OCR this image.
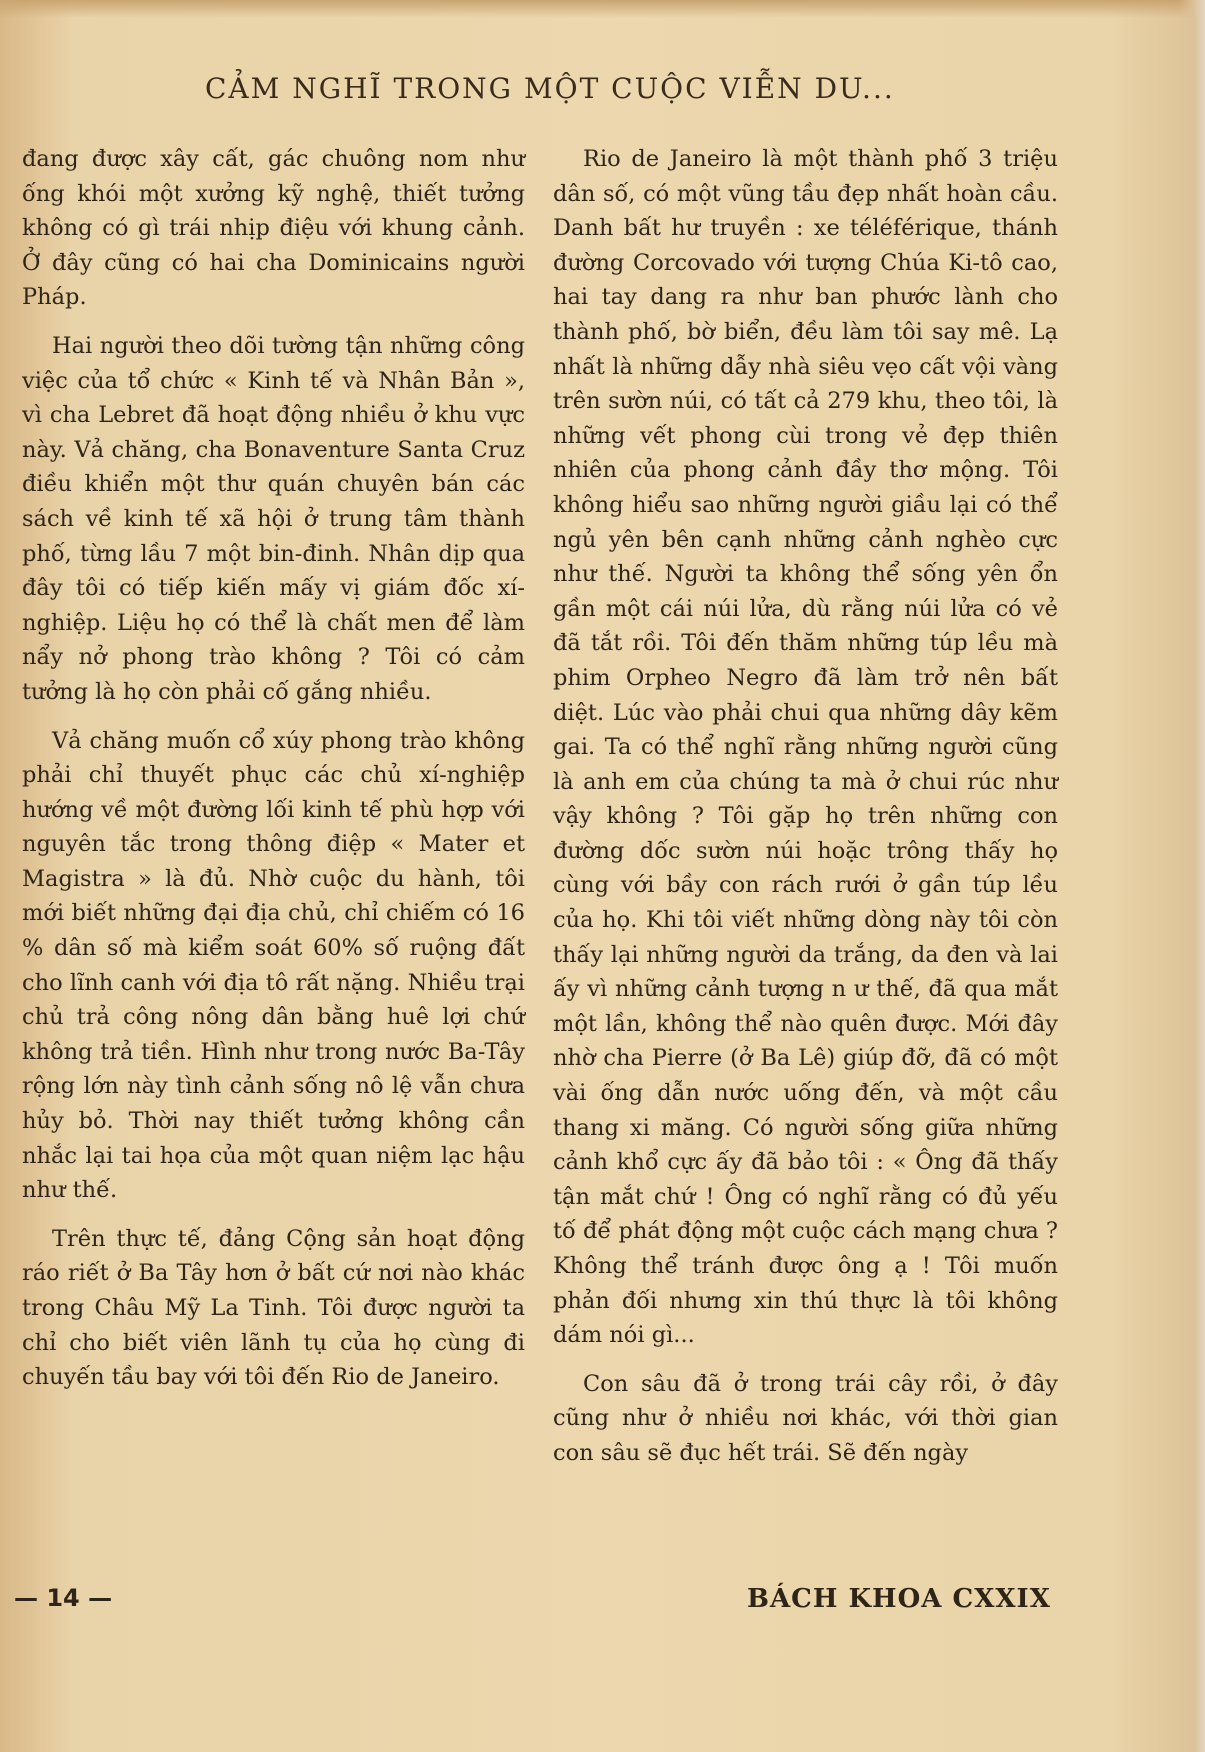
CẢM NGHĨ TRONG MỘT CUỘC VIỄN DU...

đang được xây cất, gác chuông nom như ống khói một xưởng kỹ nghệ, thiết tưởng không có gì trái nhịp điệu với khung cảnh. Ở đây cũng có hai cha Dominicains người Pháp.

Hai người theo dõi tường tận những công việc của tổ chức « Kinh tế và Nhân Bản », vì cha Lebret đã hoạt động nhiều ở khu vực này. Vả chăng, cha Bonaventure Santa Cruz điều khiển một thư quán chuyên bán các sách về kinh tế xã hội ở trung tâm thành phố, từng lầu 7 một bin-đinh. Nhân dịp qua đây tôi có tiếp kiến mấy vị giám đốc xí-nghiệp. Liệu họ có thể là chất men để làm nẩy nở phong trào không ? Tôi có cảm tưởng là họ còn phải cố gắng nhiều.

Vả chăng muốn cổ xúy phong trào không phải chỉ thuyết phục các chủ xí-nghiệp hướng về một đường lối kinh tế phù hợp với nguyên tắc trong thông điệp « Mater et Magistra » là đủ. Nhờ cuộc du hành, tôi mới biết những đại địa chủ, chỉ chiếm có 16 % dân số mà kiểm soát 60% số ruộng đất cho lĩnh canh với địa tô rất nặng. Nhiều trại chủ trả công nông dân bằng huê lợi chứ không trả tiền. Hình như trong nước Ba-Tây rộng lớn này tình cảnh sống nô lệ vẫn chưa hủy bỏ. Thời nay thiết tưởng không cần nhắc lại tai họa của một quan niệm lạc hậu như thế.

Trên thực tế, đảng Cộng sản hoạt động ráo riết ở Ba Tây hơn ở bất cứ nơi nào khác trong Châu Mỹ La Tinh. Tôi được người ta chỉ cho biết viên lãnh tụ của họ cùng đi chuyến tầu bay với tôi đến Rio de Janeiro.

Rio de Janeiro là một thành phố 3 triệu dân số, có một vũng tầu đẹp nhất hoàn cầu. Danh bất hư truyền : xe téléférique, thánh đường Corcovado với tượng Chúa Ki-tô cao, hai tay dang ra như ban phước lành cho thành phố, bờ biển, đều làm tôi say mê. Lạ nhất là những dẫy nhà siêu vẹo cất vội vàng trên sườn núi, có tất cả 279 khu, theo tôi, là những vết phong cùi trong vẻ đẹp thiên nhiên của phong cảnh đầy thơ mộng. Tôi không hiểu sao những người giầu lại có thể ngủ yên bên cạnh những cảnh nghèo cực như thế. Người ta không thể sống yên ổn gần một cái núi lửa, dù rằng núi lửa có vẻ đã tắt rồi. Tôi đến thăm những túp lều mà phim Orpheo Negro đã làm trở nên bất diệt. Lúc vào phải chui qua những dây kẽm gai. Ta có thể nghĩ rằng những người cũng là anh em của chúng ta mà ở chui rúc như vậy không ? Tôi gặp họ trên những con đường dốc sườn núi hoặc trông thấy họ cùng với bầy con rách rưới ở gần túp lều của họ. Khi tôi viết những dòng này tôi còn thấy lại những người da trắng, da đen và lai ấy vì những cảnh tượng n ư thế, đã qua mắt một lần, không thể nào quên được. Mới đây nhờ cha Pierre (ở Ba Lê) giúp đỡ, đã có một vài ống dẫn nước uống đến, và một cầu thang xi măng. Có người sống giữa những cảnh khổ cực ấy đã bảo tôi : « Ông đã thấy tận mắt chứ ! Ông có nghĩ rằng có đủ yếu tố để phát động một cuộc cách mạng chưa ? Không thể tránh được ông ạ ! Tôi muốn phản đối nhưng xin thú thực là tôi không dám nói gì...

Con sâu đã ở trong trái cây rồi, ở đây cũng như ở nhiều nơi khác, với thời gian con sâu sẽ đục hết trái. Sẽ đến ngày

— 14 —	BÁCH KHOA CXXIX
